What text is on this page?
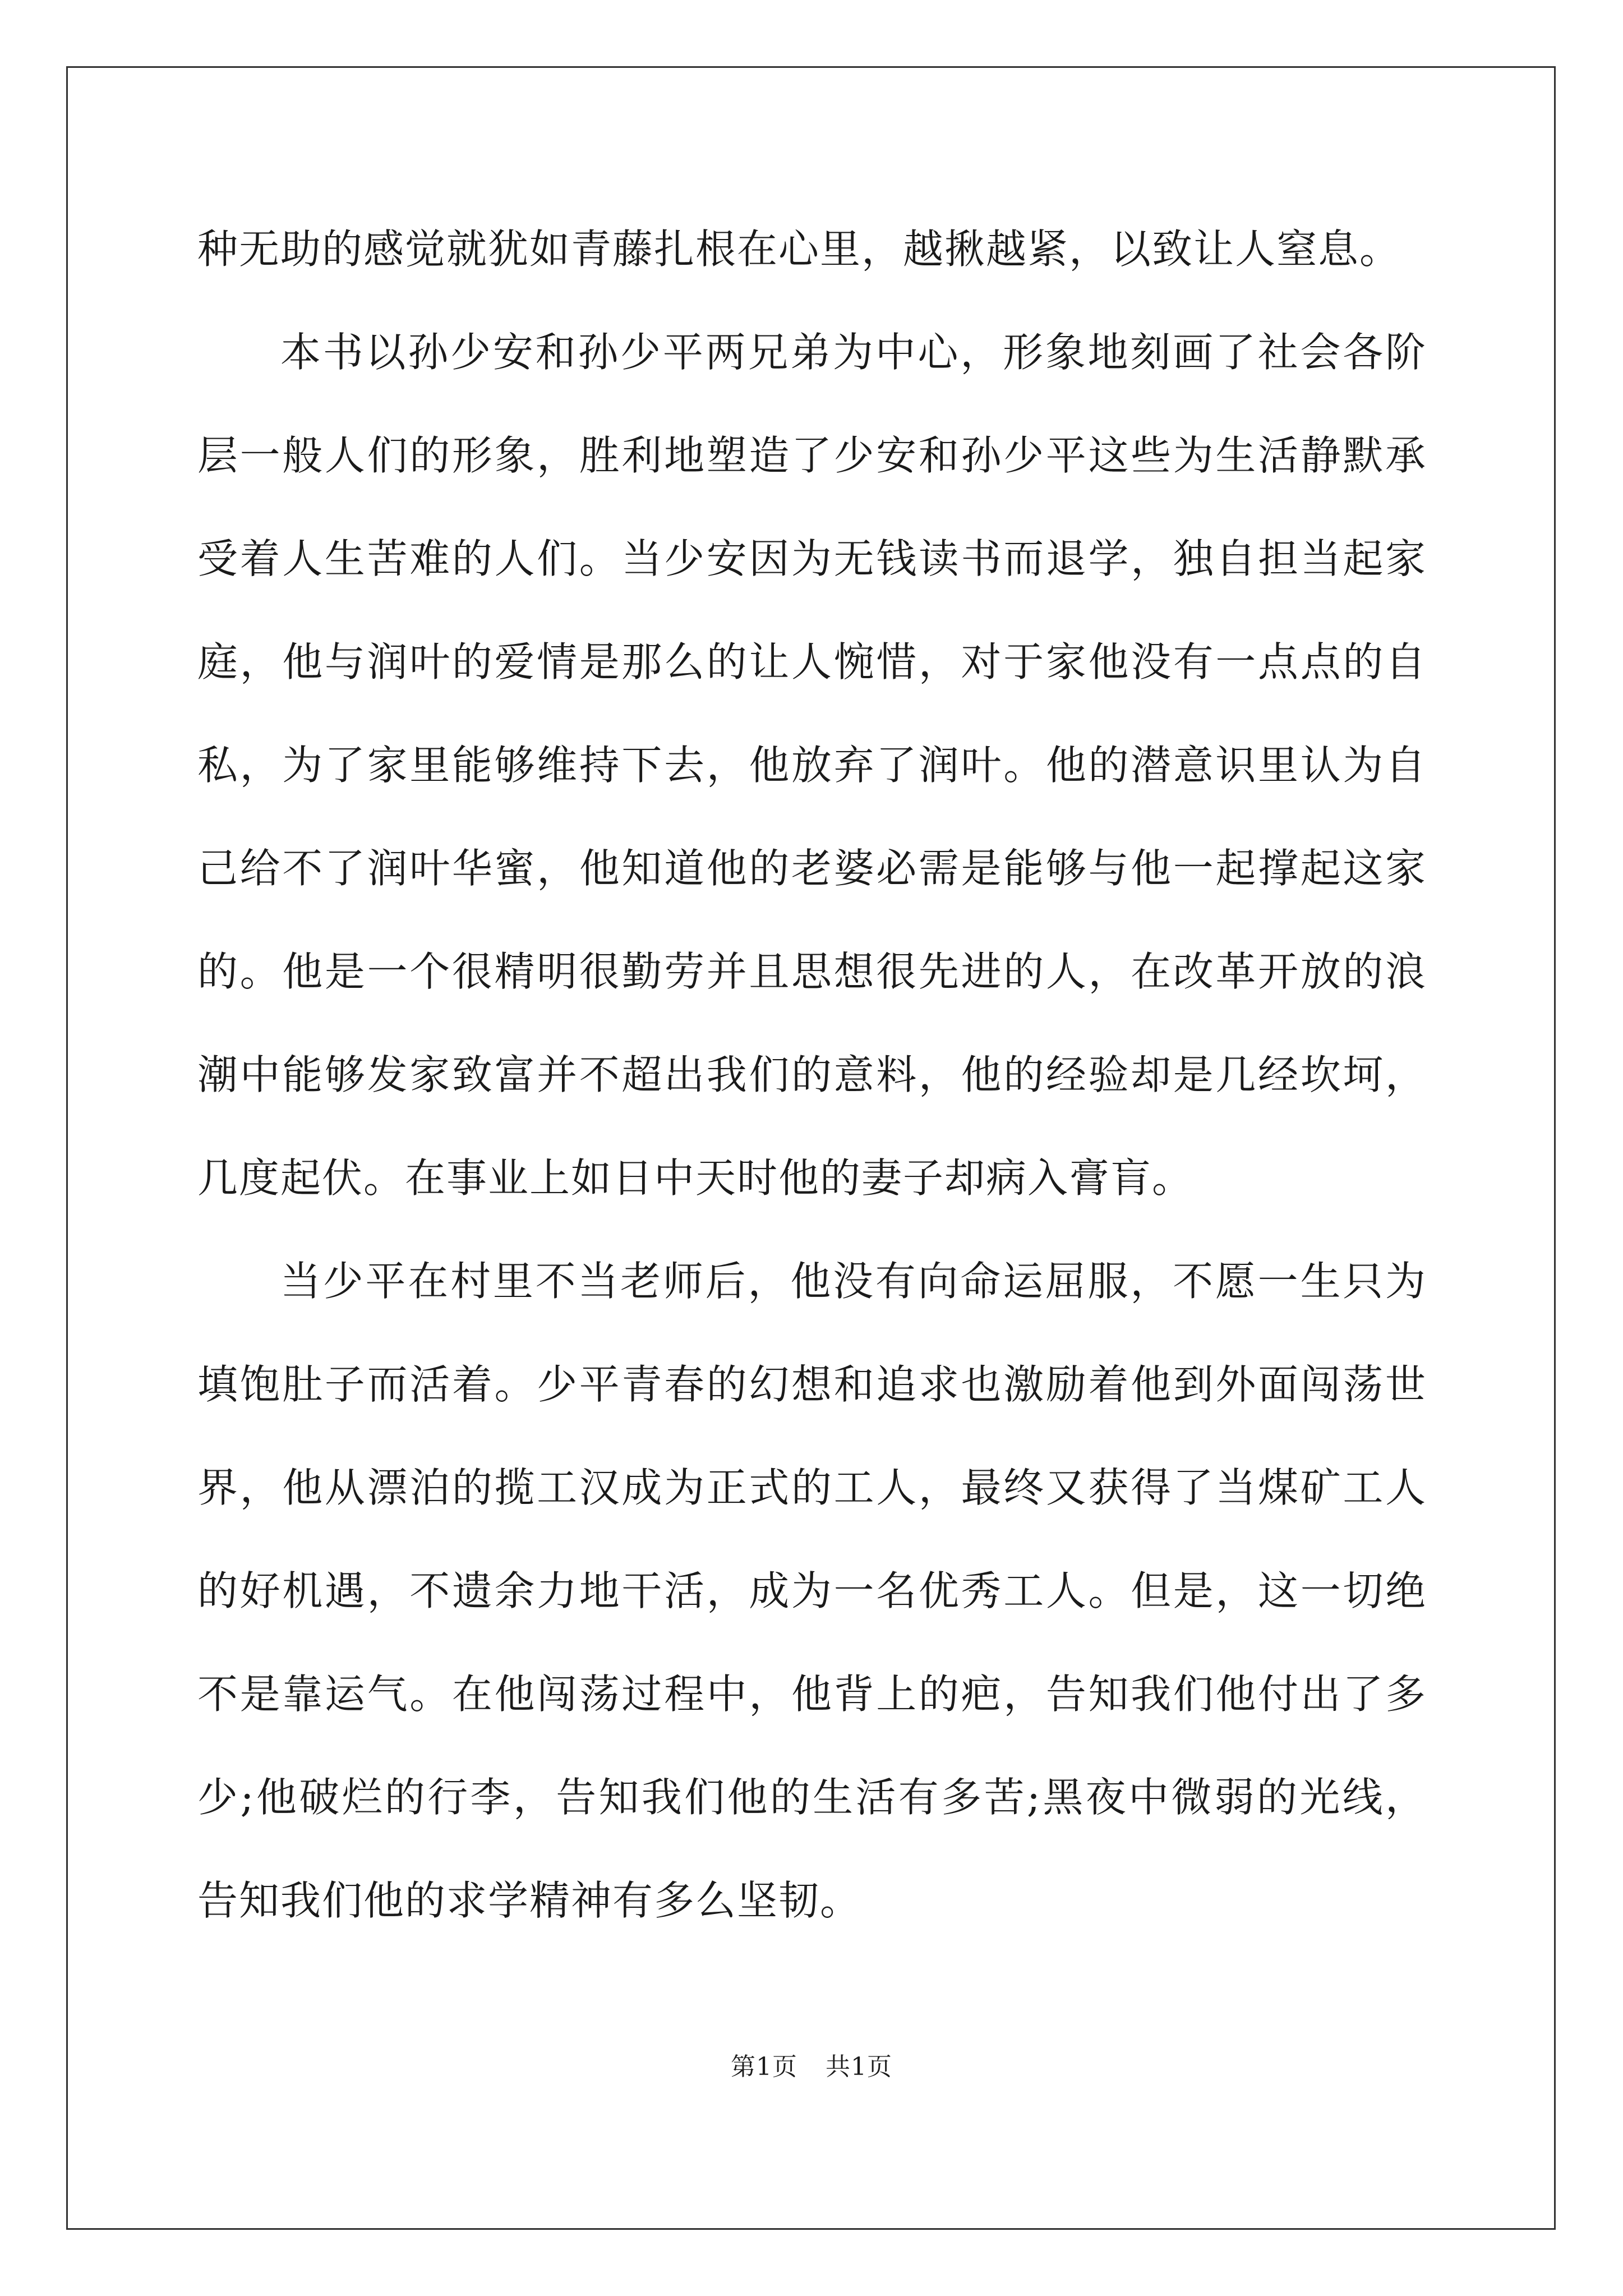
种无助的感觉就犹如青藤扎根在心里，越揪越紧，以致让人窒息。

本书以孙少安和孙少平两兄弟为中心，形象地刻画了社会各阶层一般人们的形象，胜利地塑造了少安和孙少平这些为生活静默承受着人生苦难的人们。当少安因为无钱读书而退学，独自担当起家庭，他与润叶的爱情是那么的让人惋惜，对于家他没有一点点的自私，为了家里能够维持下去，他放弃了润叶。他的潜意识里认为自己给不了润叶华蜜，他知道他的老婆必需是能够与他一起撑起这家的。他是一个很精明很勤劳并且思想很先进的人，在改革开放的浪潮中能够发家致富并不超出我们的意料，他的经验却是几经坎坷，几度起伏。在事业上如日中天时他的妻子却病入膏肓。

当少平在村里不当老师后，他没有向命运屈服，不愿一生只为填饱肚子而活着。少平青春的幻想和追求也激励着他到外面闯荡世界，他从漂泊的揽工汉成为正式的工人，最终又获得了当煤矿工人的好机遇，不遗余力地干活，成为一名优秀工人。但是，这一切绝不是靠运气。在他闯荡过程中，他背上的疤，告知我们他付出了多少;他破烂的行李，告知我们他的生活有多苦;黑夜中微弱的光线，告知我们他的求学精神有多么坚韧。

第1页 共1页
